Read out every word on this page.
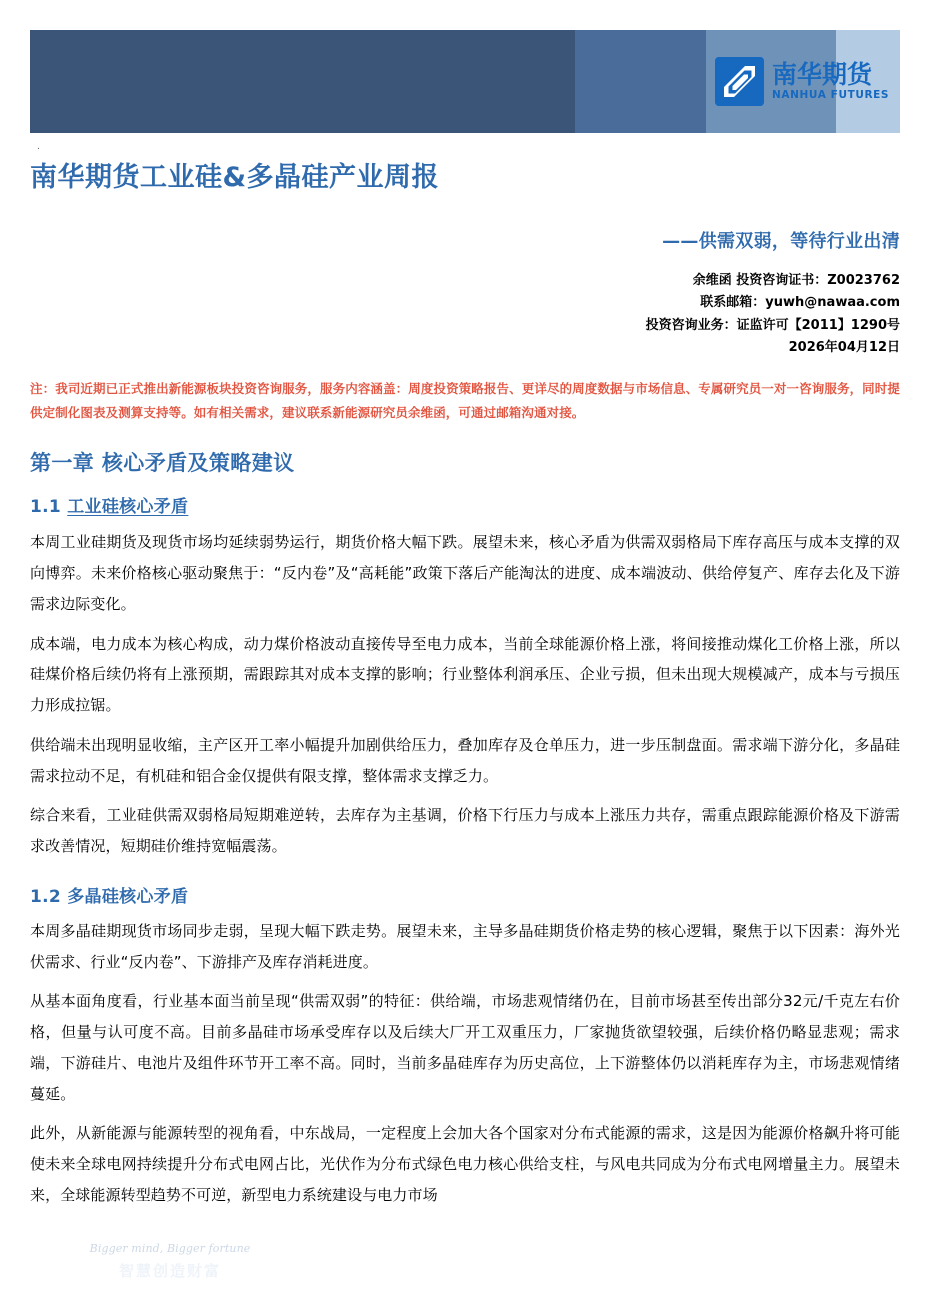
Bigger mind, Bigger fortune
智慧创造财富
南华期货
NANHUA FUTURES
.
南华期货工业硅&多晶硅产业周报
——供需双弱，等待行业出清
余维函 投资咨询证书：Z0023762
联系邮箱：yuwh@nawaa.com
投资咨询业务：证监许可【2011】1290号
2026年04月12日
注：我司近期已正式推出新能源板块投资咨询服务，服务内容涵盖：周度投资策略报告、更详尽的周度数据与市场信息、专属研究员一对一咨询服务，同时提供定制化图表及测算支持等。如有相关需求，建议联系新能源研究员余维函，可通过邮箱沟通对接。
第一章 核心矛盾及策略建议
1.1 工业硅核心矛盾

本周工业硅期货及现货市场均延续弱势运行，期货价格大幅下跌。展望未来，核心矛盾为供需双弱格局下库存高压与成本支撑的双向博弈。未来价格核心驱动聚焦于：“反内卷”及“高耗能”政策下落后产能淘汰的进度、成本端波动、供给停复产、库存去化及下游需求边际变化。

成本端，电力成本为核心构成，动力煤价格波动直接传导至电力成本，当前全球能源价格上涨，将间接推动煤化工价格上涨，所以硅煤价格后续仍将有上涨预期，需跟踪其对成本支撑的影响；行业整体利润承压、企业亏损，但未出现大规模减产，成本与亏损压力形成拉锯。

供给端未出现明显收缩，主产区开工率小幅提升加剧供给压力，叠加库存及仓单压力，进一步压制盘面。需求端下游分化，多晶硅需求拉动不足，有机硅和铝合金仅提供有限支撑，整体需求支撑乏力。

综合来看，工业硅供需双弱格局短期难逆转，去库存为主基调，价格下行压力与成本上涨压力共存，需重点跟踪能源价格及下游需求改善情况，短期硅价维持宽幅震荡。

1.2 多晶硅核心矛盾

本周多晶硅期现货市场同步走弱，呈现大幅下跌走势。展望未来，主导多晶硅期货价格走势的核心逻辑，聚焦于以下因素：海外光伏需求、行业“反内卷”、下游排产及库存消耗进度。

从基本面角度看，行业基本面当前呈现“供需双弱”的特征：供给端，市场悲观情绪仍在，目前市场甚至传出部分32元/千克左右价格，但量与认可度不高。目前多晶硅市场承受库存以及后续大厂开工双重压力，厂家抛货欲望较强，后续价格仍略显悲观；需求端，下游硅片、电池片及组件环节开工率不高。同时，当前多晶硅库存为历史高位，上下游整体仍以消耗库存为主，市场悲观情绪蔓延。

此外，从新能源与能源转型的视角看，中东战局，一定程度上会加大各个国家对分布式能源的需求，这是因为能源价格飙升将可能使未来全球电网持续提升分布式电网占比，光伏作为分布式绿色电力核心供给支柱，与风电共同成为分布式电网增量主力。展望未来，全球能源转型趋势不可逆，新型电力系统建设与电力市场
